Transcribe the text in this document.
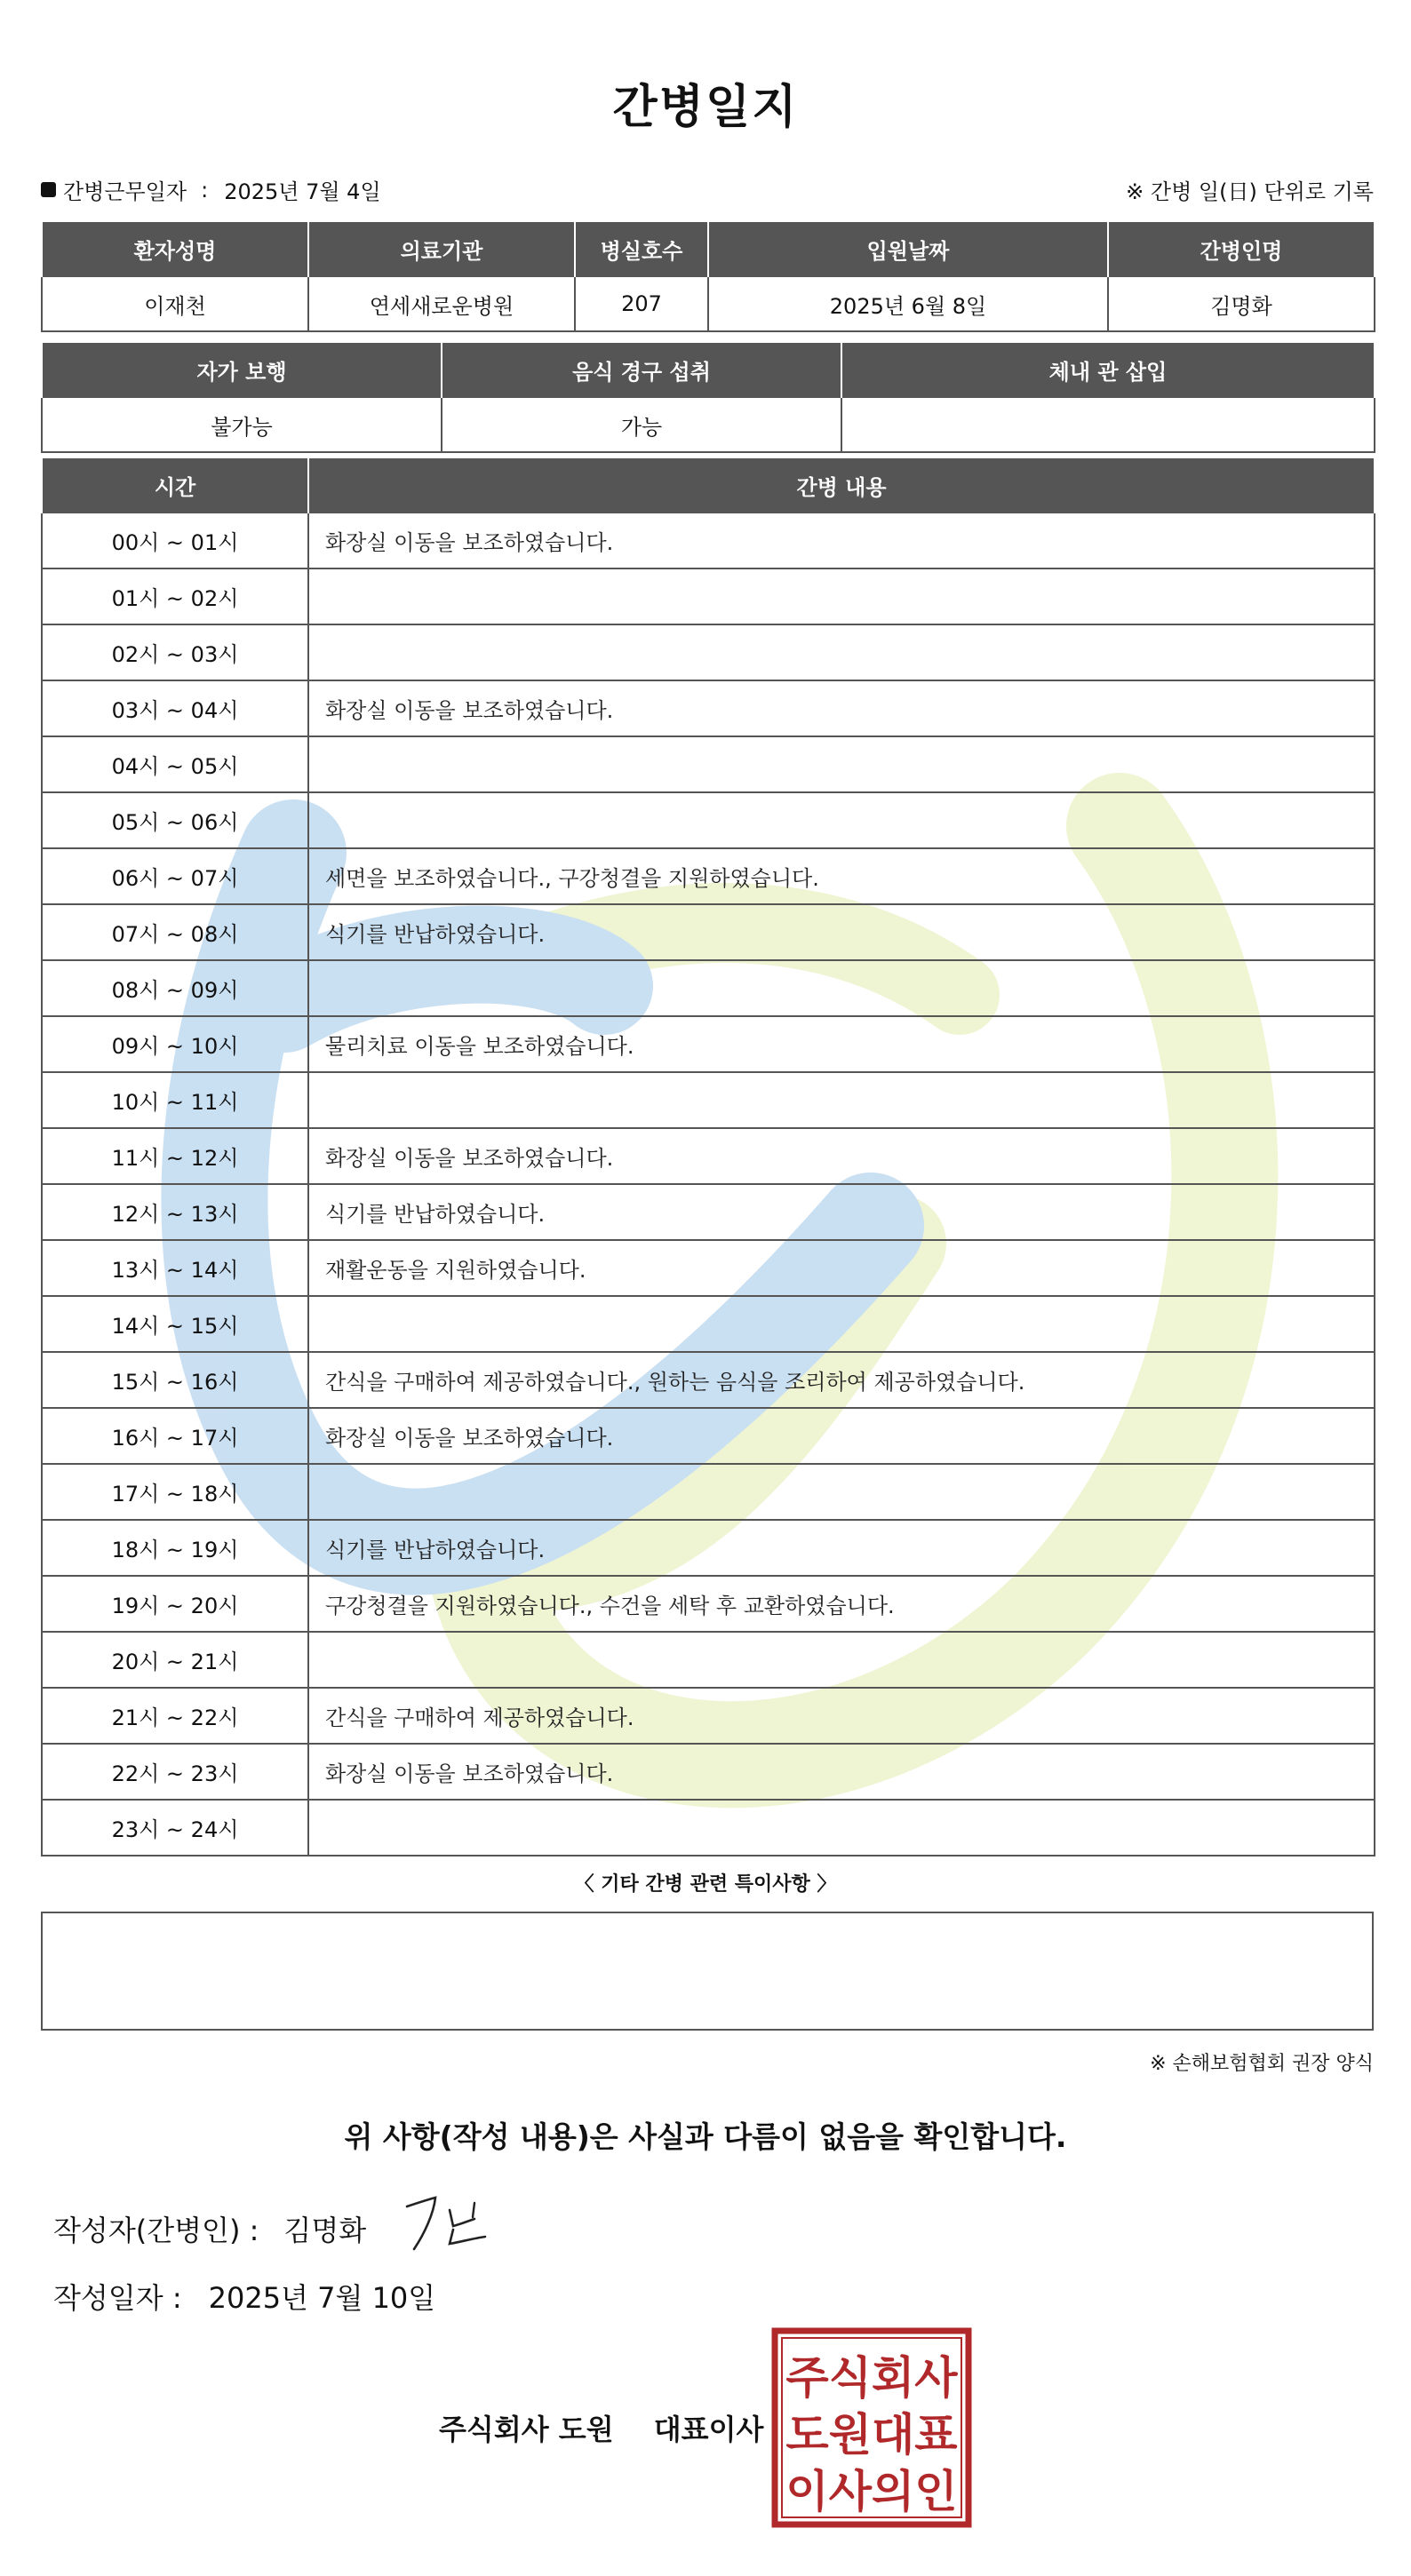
간병일지
간병근무일자 : 2025년 7월 4일	※ 간병 일(日) 단위로 기록
환자성명	의료기관	병실호수	입원날짜	간병인명
이재천	연세새로운병원	207	2025년 6월 8일	김명화
자가 보행	음식 경구 섭취	체내 관 삽입
불가능	가능	
시간	간병 내용
00시 ~ 01시	화장실 이동을 보조하였습니다.
01시 ~ 02시	
02시 ~ 03시	
03시 ~ 04시	화장실 이동을 보조하였습니다.
04시 ~ 05시	
05시 ~ 06시	
06시 ~ 07시	세면을 보조하였습니다., 구강청결을 지원하였습니다.
07시 ~ 08시	식기를 반납하였습니다.
08시 ~ 09시	
09시 ~ 10시	물리치료 이동을 보조하였습니다.
10시 ~ 11시	
11시 ~ 12시	화장실 이동을 보조하였습니다.
12시 ~ 13시	식기를 반납하였습니다.
13시 ~ 14시	재활운동을 지원하였습니다.
14시 ~ 15시	
15시 ~ 16시	간식을 구매하여 제공하였습니다., 원하는 음식을 조리하여 제공하였습니다.
16시 ~ 17시	화장실 이동을 보조하였습니다.
17시 ~ 18시	
18시 ~ 19시	식기를 반납하였습니다.
19시 ~ 20시	구강청결을 지원하였습니다., 수건을 세탁 후 교환하였습니다.
20시 ~ 21시	
21시 ~ 22시	간식을 구매하여 제공하였습니다.
22시 ~ 23시	화장실 이동을 보조하였습니다.
23시 ~ 24시	
〈 기타 간병 관련 특이사항 〉
※ 손해보험협회 권장 양식
위 사항(작성 내용)은 사실과 다름이 없음을 확인합니다.
작성자(간병인) : 김명화
작성일자 : 2025년 7월 10일
주식회사 도원 대표이사
주식회사
도원대표
이사의인
